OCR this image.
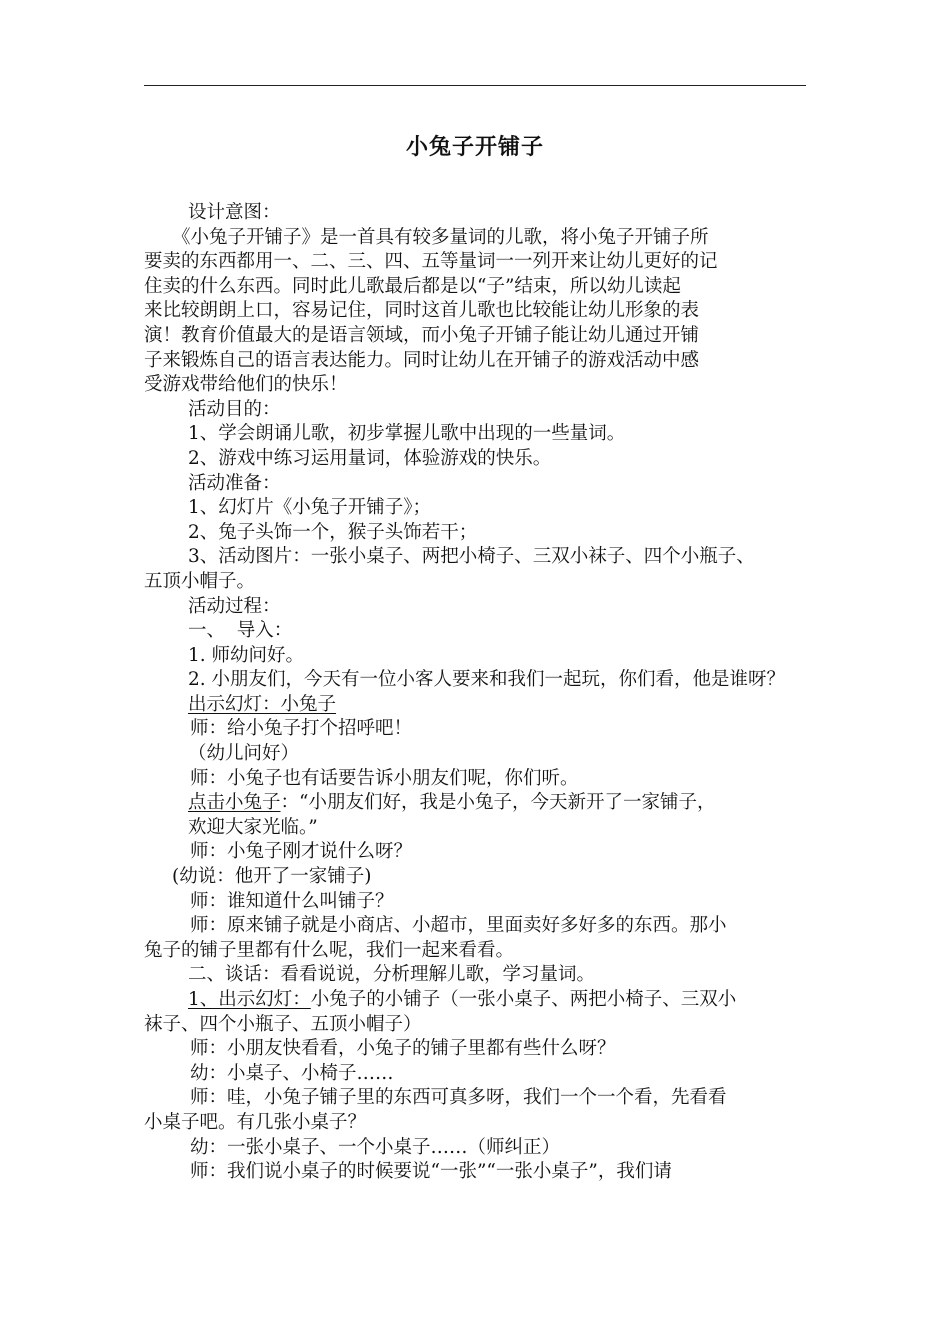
小兔子开铺子

设计意图：

《小兔子开铺子》是一首具有较多量词的儿歌，将小兔子开铺子所

要卖的东西都用一、二、三、四、五等量词一一列开来让幼儿更好的记

住卖的什么东西。同时此儿歌最后都是以“子”结束，所以幼儿读起

来比较朗朗上口，容易记住，同时这首儿歌也比较能让幼儿形象的表

演！教育价值最大的是语言领域，而小兔子开铺子能让幼儿通过开铺

子来锻炼自己的语言表达能力。同时让幼儿在开铺子的游戏活动中感

受游戏带给他们的快乐！

活动目的：

1、学会朗诵儿歌，初步掌握儿歌中出现的一些量词。

2、游戏中练习运用量词，体验游戏的快乐。

活动准备：

1、幻灯片《小兔子开铺子》；

2、兔子头饰一个，猴子头饰若干；

3、活动图片：一张小桌子、两把小椅子、三双小袜子、四个小瓶子、

五顶小帽子。

活动过程：

一、  导入：

1. 师幼问好。

2. 小朋友们，今天有一位小客人要来和我们一起玩，你们看，他是谁呀？

出示幻灯：小兔子

师：给小兔子打个招呼吧！

（幼儿问好）

师：小兔子也有话要告诉小朋友们呢，你们听。

点击小兔子：“小朋友们好，我是小兔子，今天新开了一家铺子，

欢迎大家光临。”

师：小兔子刚才说什么呀？

(幼说：他开了一家铺子)

师：谁知道什么叫铺子？

师：原来铺子就是小商店、小超市，里面卖好多好多的东西。那小

兔子的铺子里都有什么呢，我们一起来看看。

二、谈话：看看说说，分析理解儿歌，学习量词。

1、出示幻灯：小兔子的小铺子（一张小桌子、两把小椅子、三双小

袜子、四个小瓶子、五顶小帽子）

师：小朋友快看看，小兔子的铺子里都有些什么呀？

幼：小桌子、小椅子……

师：哇，小兔子铺子里的东西可真多呀，我们一个一个看，先看看

小桌子吧。有几张小桌子？

幼：一张小桌子、一个小桌子……（师纠正）

师：我们说小桌子的时候要说“一张”“一张小桌子”，我们请
